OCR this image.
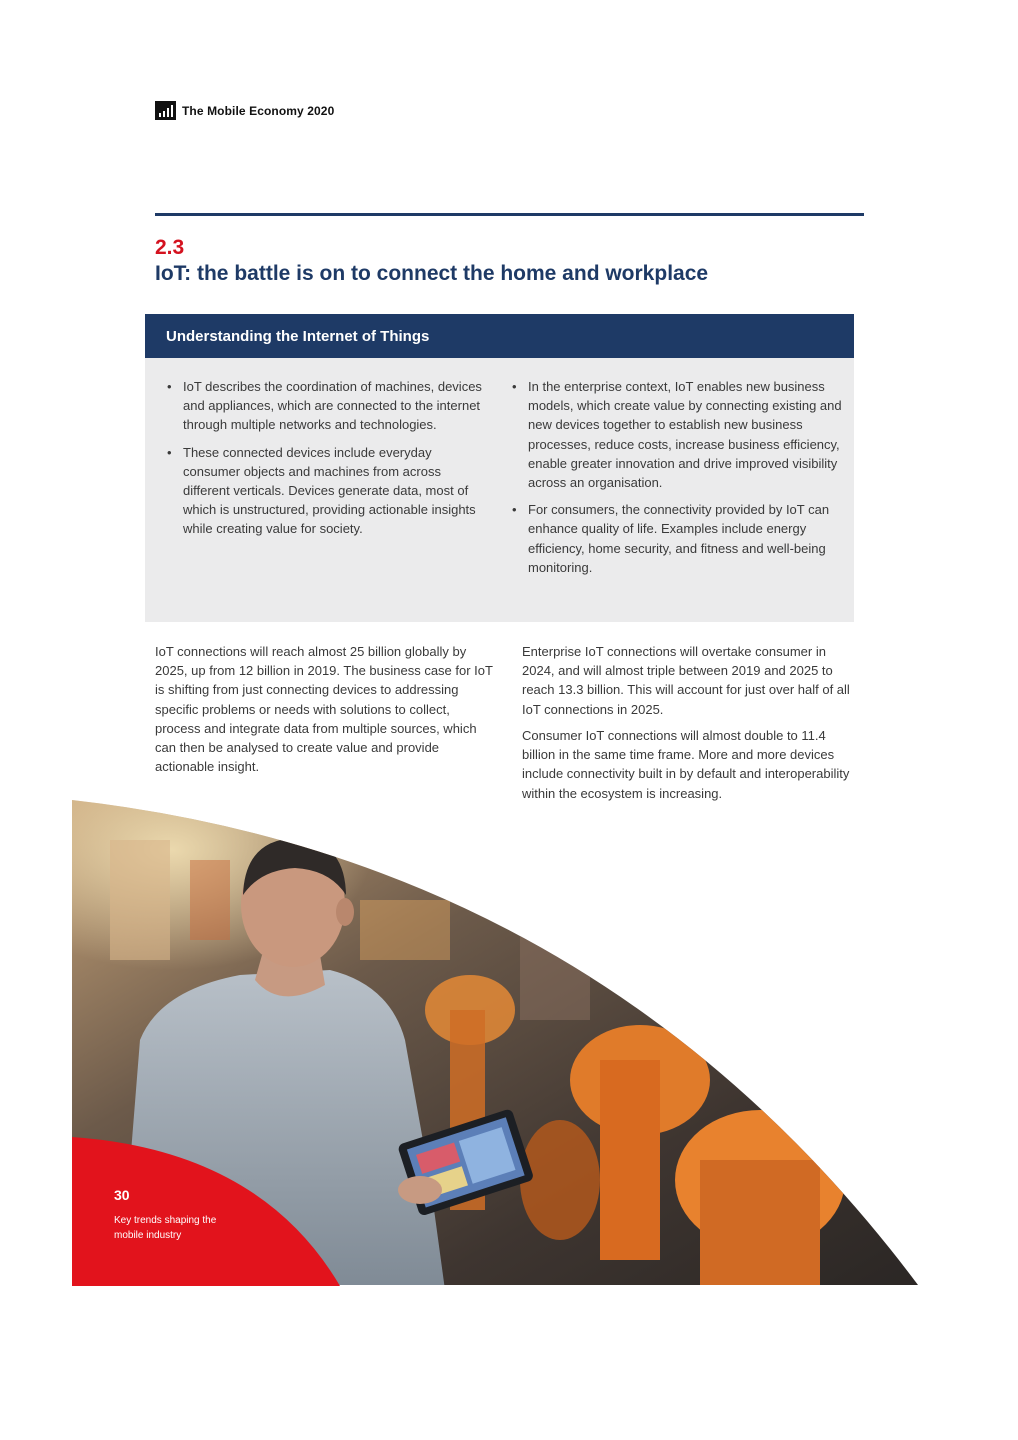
The Mobile Economy 2020
2.3
IoT: the battle is on to connect the home and workplace
Understanding the Internet of Things
• IoT describes the coordination of machines, devices and appliances, which are connected to the internet through multiple networks and technologies.
• These connected devices include everyday consumer objects and machines from across different verticals. Devices generate data, most of which is unstructured, providing actionable insights while creating value for society.
• In the enterprise context, IoT enables new business models, which create value by connecting existing and new devices together to establish new business processes, reduce costs, increase business efficiency, enable greater innovation and drive improved visibility across an organisation.
• For consumers, the connectivity provided by IoT can enhance quality of life. Examples include energy efficiency, home security, and fitness and well-being monitoring.

IoT connections will reach almost 25 billion globally by 2025, up from 12 billion in 2019. The business case for IoT is shifting from just connecting devices to addressing specific problems or needs with solutions to collect, process and integrate data from multiple sources, which can then be analysed to create value and provide actionable insight.

Enterprise IoT connections will overtake consumer in 2024, and will almost triple between 2019 and 2025 to reach 13.3 billion. This will account for just over half of all IoT connections in 2025.

Consumer IoT connections will almost double to 11.4 billion in the same time frame. More and more devices include connectivity built in by default and interoperability within the ecosystem is increasing.

30
Key trends shaping the mobile industry
